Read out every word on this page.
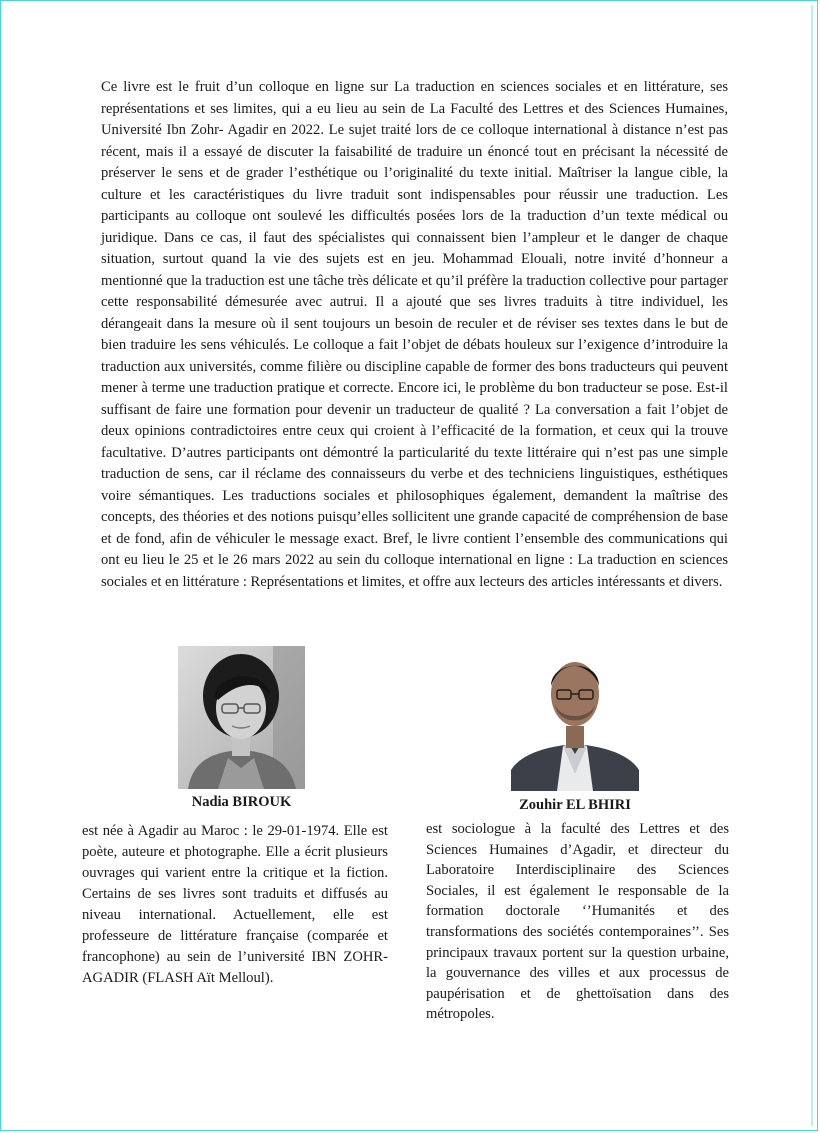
Ce livre est le fruit d’un colloque en ligne sur La traduction en sciences sociales et en littérature, ses représentations et ses limites, qui a eu lieu au sein de La Faculté des Lettres et des Sciences Humaines, Université Ibn Zohr- Agadir en 2022. Le sujet traité lors de ce colloque international à distance n’est pas récent, mais il a essayé de discuter la faisabilité de traduire un énoncé tout en précisant la nécessité de préserver le sens et de grader l’esthétique ou l’originalité du texte initial. Maîtriser la langue cible, la culture et les caractéristiques du livre traduit sont indispensables pour réussir une traduction. Les participants au colloque ont soulevé les difficultés posées lors de la traduction d’un texte médical ou juridique. Dans ce cas, il faut des spécialistes qui connaissent bien l’ampleur et le danger de chaque situation, surtout quand la vie des sujets est en jeu. Mohammad Elouali, notre invité d’honneur a mentionné que la traduction est une tâche très délicate et qu’il préfère la traduction collective pour partager cette responsabilité démesurée avec autrui. Il a ajouté que ses livres traduits à titre individuel, les dérangeait dans la mesure où il sent toujours un besoin de reculer et de réviser ses textes dans le but de bien traduire les sens véhiculés. Le colloque a fait l’objet de débats houleux sur l’exigence d’introduire la traduction aux universités, comme filière ou discipline capable de former des bons traducteurs qui peuvent mener à terme une traduction pratique et correcte. Encore ici, le problème du bon traducteur se pose. Est-il suffisant de faire une formation pour devenir un traducteur de qualité ? La conversation a fait l’objet de deux opinions contradictoires entre ceux qui croient à l’efficacité de la formation, et ceux qui la trouve facultative. D’autres participants ont démontré la particularité du texte littéraire qui n’est pas une simple traduction de sens, car il réclame des connaisseurs du verbe et des techniciens linguistiques, esthétiques voire sémantiques. Les traductions sociales et philosophiques également, demandent la maîtrise des concepts, des théories et des notions puisqu’elles sollicitent une grande capacité de compréhension de base et de fond, afin de véhiculer le message exact. Bref, le livre contient l’ensemble des communications qui ont eu lieu le 25 et le 26 mars 2022 au sein du colloque international en ligne : La traduction en sciences sociales et en littérature : Représentations et limites, et offre aux lecteurs des articles intéressants et divers.

Nadia BIROUK

est née à Agadir au Maroc : le 29-01-1974. Elle est poète, auteure et photographe. Elle a écrit plusieurs ouvrages qui varient entre la critique et la fiction. Certains de ses livres sont traduits et diffusés au niveau international. Actuellement, elle est professeure de littérature française (comparée et francophone) au sein de l’université IBN ZOHR-AGADIR (FLASH Aït Melloul).

Zouhir EL BHIRI

est sociologue à la faculté des Lettres et des Sciences Humaines d’Agadir, et directeur du Laboratoire Interdisciplinaire des Sciences Sociales, il est également le responsable de la formation doctorale ‘’Humanités et des transformations des sociétés contemporaines’’. Ses principaux travaux portent sur la question urbaine, la gouvernance des villes et aux processus de paupérisation et de ghettoïsation dans des métropoles.
